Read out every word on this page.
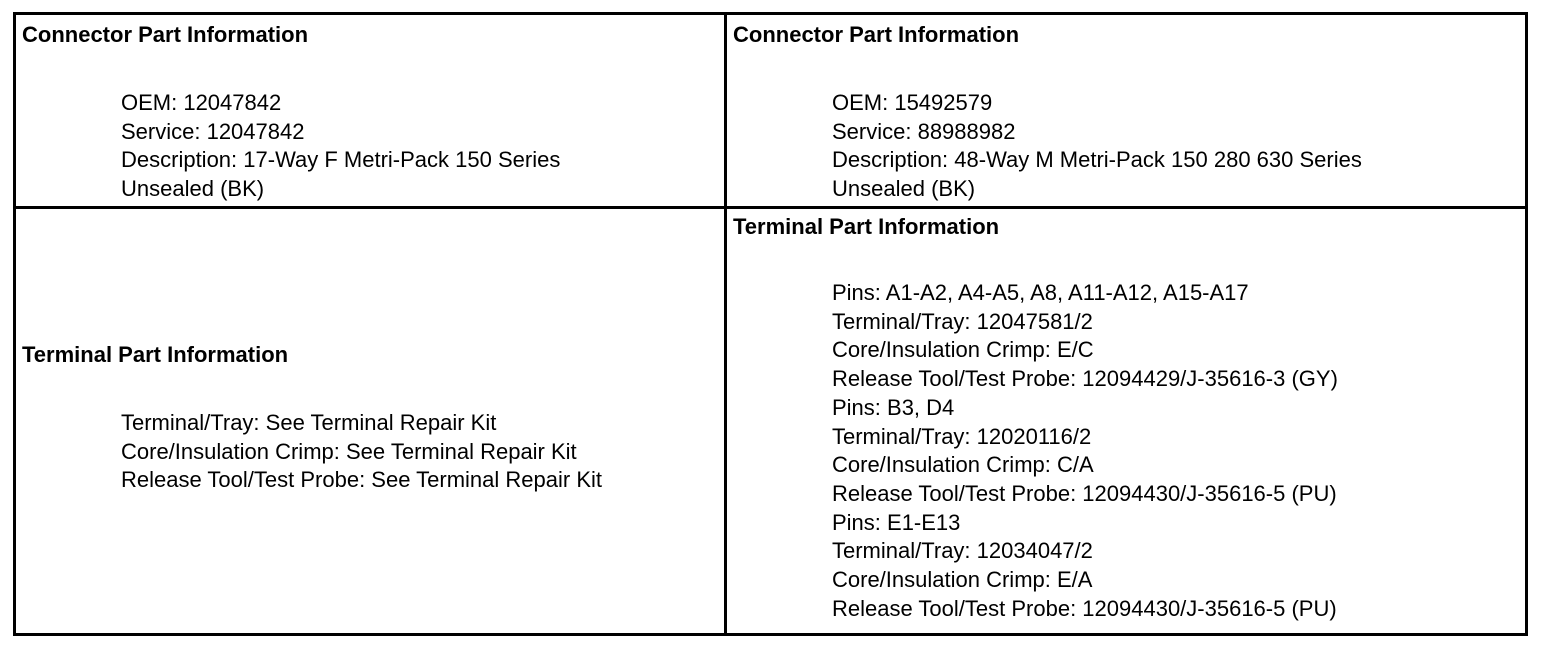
Connector Part Information
OEM: 12047842
Service: 12047842
Description: 17-Way F Metri-Pack 150 Series
Unsealed (BK)
Connector Part Information
OEM: 15492579
Service: 88988982
Description: 48-Way M Metri-Pack 150 280 630 Series
Unsealed (BK)
Terminal Part Information
Terminal/Tray: See Terminal Repair Kit
Core/Insulation Crimp: See Terminal Repair Kit
Release Tool/Test Probe: See Terminal Repair Kit
Terminal Part Information
Pins: A1-A2, A4-A5, A8, A11-A12, A15-A17
Terminal/Tray: 12047581/2
Core/Insulation Crimp: E/C
Release Tool/Test Probe: 12094429/J-35616-3 (GY)
Pins: B3, D4
Terminal/Tray: 12020116/2
Core/Insulation Crimp: C/A
Release Tool/Test Probe: 12094430/J-35616-5 (PU)
Pins: E1-E13
Terminal/Tray: 12034047/2
Core/Insulation Crimp: E/A
Release Tool/Test Probe: 12094430/J-35616-5 (PU)
